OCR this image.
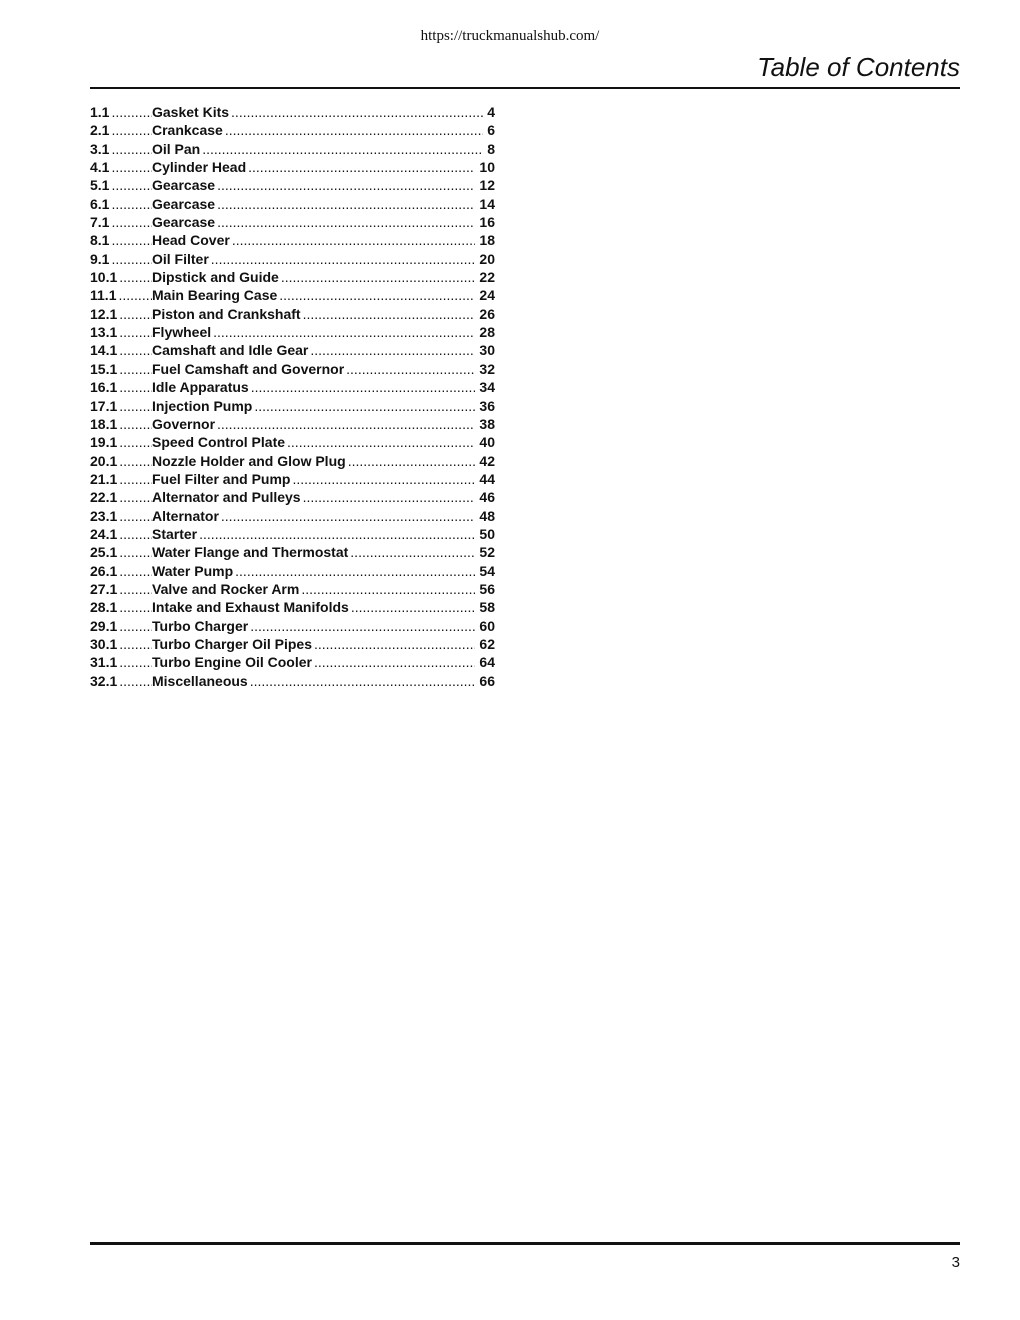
https://truckmanualshub.com/
Table of Contents
1.1 .....	Gasket Kits .....	4
2.1 .....	Crankcase .....	6
3.1 .....	Oil Pan .....	8
4.1 .....	Cylinder Head .....	10
5.1 .....	Gearcase .....	12
6.1 .....	Gearcase .....	14
7.1 .....	Gearcase .....	16
8.1 .....	Head Cover .....	18
9.1 .....	Oil Filter .....	20
10.1 ..... Dipstick and Guide .....	22
11.1 .....	Main Bearing Case .....	24
12.1 ..... Piston and Crankshaft .....	26
13.1 ..... Flywheel .....	28
14.1 ..... Camshaft and Idle Gear .....	30
15.1 ..... Fuel Camshaft and Governor .....	32
16.1 ..... Idle Apparatus .....	34
17.1 ..... Injection Pump .....	36
18.1 ..... Governor .....	38
19.1 ..... Speed Control Plate .....	40
20.1 ..... Nozzle Holder and Glow Plug .....	42
21.1 ..... Fuel Filter and Pump .....	44
22.1 ..... Alternator and Pulleys .....	46
23.1 ..... Alternator .....	48
24.1 ..... Starter .....	50
25.1 ..... Water Flange and Thermostat .....	52
26.1 ..... Water Pump .....	54
27.1 ..... Valve and Rocker Arm .....	56
28.1 ..... Intake and Exhaust Manifolds .....	58
29.1 ..... Turbo Charger .....	60
30.1 ..... Turbo Charger Oil Pipes .....	62
31.1 ..... Turbo Engine Oil Cooler .....	64
32.1 ..... Miscellaneous .....	66
3
